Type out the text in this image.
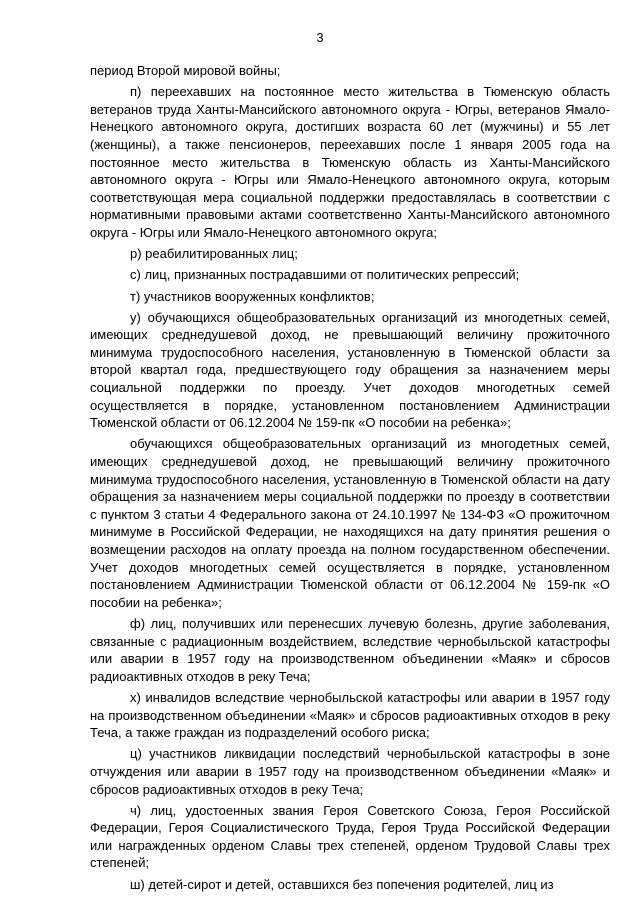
3

период Второй мировой войны;

п) переехавших на постоянное место жительства в Тюменскую область ветеранов труда Ханты-Мансийского автономного округа - Югры, ветеранов Ямало-Ненецкого автономного округа, достигших возраста 60 лет (мужчины) и 55 лет (женщины), а также пенсионеров, переехавших после 1 января 2005 года на постоянное место жительства в Тюменскую область из Ханты-Мансийского автономного округа - Югры или Ямало-Ненецкого автономного округа, которым соответствующая мера социальной поддержки предоставлялась в соответствии с нормативными правовыми актами соответственно Ханты-Мансийского автономного округа - Югры или Ямало-Ненецкого автономного округа;

р) реабилитированных лиц;

с) лиц, признанных пострадавшими от политических репрессий;

т) участников вооруженных конфликтов;

у) обучающихся общеобразовательных организаций из многодетных семей, имеющих среднедушевой доход, не превышающий величину прожиточного минимума трудоспособного населения, установленную в Тюменской области за второй квартал года, предшествующего году обращения за назначением меры социальной поддержки по проезду. Учет доходов многодетных семей осуществляется в порядке, установленном постановлением Администрации Тюменской области от 06.12.2004 № 159-пк «О пособии на ребенка»;

обучающихся общеобразовательных организаций из многодетных семей, имеющих среднедушевой доход, не превышающий величину прожиточного минимума трудоспособного населения, установленную в Тюменской области на дату обращения за назначением меры социальной поддержки по проезду в соответствии с пунктом 3 статьи 4 Федерального закона от 24.10.1997 № 134-ФЗ «О прожиточном минимуме в Российской Федерации, не находящихся на дату принятия решения о возмещении расходов на оплату проезда на полном государственном обеспечении. Учет доходов многодетных семей осуществляется в порядке, установленном постановлением Администрации Тюменской области от 06.12.2004 № 159-пк «О пособии на ребенка»;

ф) лиц, получивших или перенесших лучевую болезнь, другие заболевания, связанные с радиационным воздействием, вследствие чернобыльской катастрофы или аварии в 1957 году на производственном объединении «Маяк» и сбросов радиоактивных отходов в реку Теча;

х) инвалидов вследствие чернобыльской катастрофы или аварии в 1957 году на производственном объединении «Маяк» и сбросов радиоактивных отходов в реку Теча, а также граждан из подразделений особого риска;

ц) участников ликвидации последствий чернобыльской катастрофы в зоне отчуждения или аварии в 1957 году на производственном объединении «Маяк» и сбросов радиоактивных отходов в реку Теча;

ч) лиц, удостоенных звания Героя Советского Союза, Героя Российской Федерации, Героя Социалистического Труда, Героя Труда Российской Федерации или награжденных орденом Славы трех степеней, орденом Трудовой Славы трех степеней;

ш) детей-сирот и детей, оставшихся без попечения родителей, лиц из
